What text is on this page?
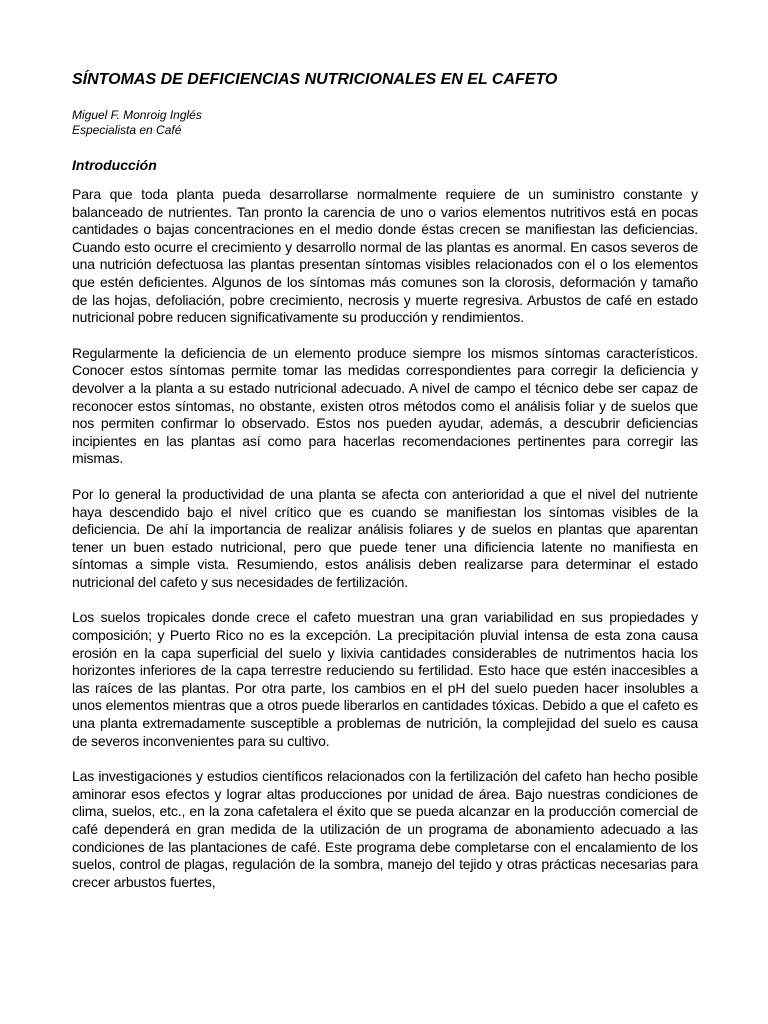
SÍNTOMAS DE DEFICIENCIAS NUTRICIONALES EN EL CAFETO

Miguel F. Monroig Inglés

Especialista en Café

Introducción

Para que toda planta pueda desarrollarse normalmente requiere de un suministro constante y balanceado de nutrientes. Tan pronto la carencia de uno o varios elementos nutritivos está en pocas cantidades o bajas concentraciones en el medio donde éstas crecen se manifiestan las deficiencias. Cuando esto ocurre el crecimiento y desarrollo normal de las plantas es anormal. En casos severos de una nutrición defectuosa las plantas presentan síntomas visibles relacionados con el o los elementos que estén deficientes. Algunos de los síntomas más comunes son la clorosis, deformación y tamaño de las hojas, defoliación, pobre crecimiento, necrosis y muerte regresiva. Arbustos de café en estado nutricional pobre reducen significativamente su producción y rendimientos.

Regularmente la deficiencia de un elemento produce siempre los mismos síntomas característicos. Conocer estos síntomas permite tomar las medidas correspondientes para corregir la deficiencia y devolver a la planta a su estado nutricional adecuado. A nivel de campo el técnico debe ser capaz de reconocer estos síntomas, no obstante, existen otros métodos como el análisis foliar y de suelos que nos permiten confirmar lo observado. Estos nos pueden ayudar, además, a descubrir deficiencias incipientes en las plantas así como para hacerlas recomendaciones pertinentes para corregir las mismas.

Por lo general la productividad de una planta se afecta con anterioridad a que el nivel del nutriente haya descendido bajo el nivel crítico que es cuando se manifiestan los síntomas visibles de la deficiencia. De ahí la importancia de realizar análisis foliares y de suelos en plantas que aparentan tener un buen estado nutricional, pero que puede tener una dificiencia latente no manifiesta en síntomas a simple vista. Resumiendo, estos análisis deben realizarse para determinar el estado nutricional del cafeto y sus necesidades de fertilización.

Los suelos tropicales donde crece el cafeto muestran una gran variabilidad en sus propiedades y composición; y Puerto Rico no es la excepción. La precipitación pluvial intensa de esta zona causa erosión en la capa superficial del suelo y lixivia cantidades considerables de nutrimentos hacia los horizontes inferiores de la capa terrestre reduciendo su fertilidad. Esto hace que estén inaccesibles a las raíces de las plantas. Por otra parte, los cambios en el pH del suelo pueden hacer insolubles a unos elementos mientras que a otros puede liberarlos en cantidades tóxicas. Debido a que el cafeto es una planta extremadamente susceptible a problemas de nutrición, la complejidad del suelo es causa de severos inconvenientes para su cultivo.

Las investigaciones y estudios científicos relacionados con la fertilización del cafeto han hecho posible aminorar esos efectos y lograr altas producciones por unidad de área. Bajo nuestras condiciones de clima, suelos, etc., en la zona cafetalera el éxito que se pueda alcanzar en la producción comercial de café dependerá en gran medida de la utilización de un programa de abonamiento adecuado a las condiciones de las plantaciones de café. Este programa debe completarse con el encalamiento de los suelos, control de plagas, regulación de la sombra, manejo del tejido y otras prácticas necesarias para crecer arbustos fuertes,
